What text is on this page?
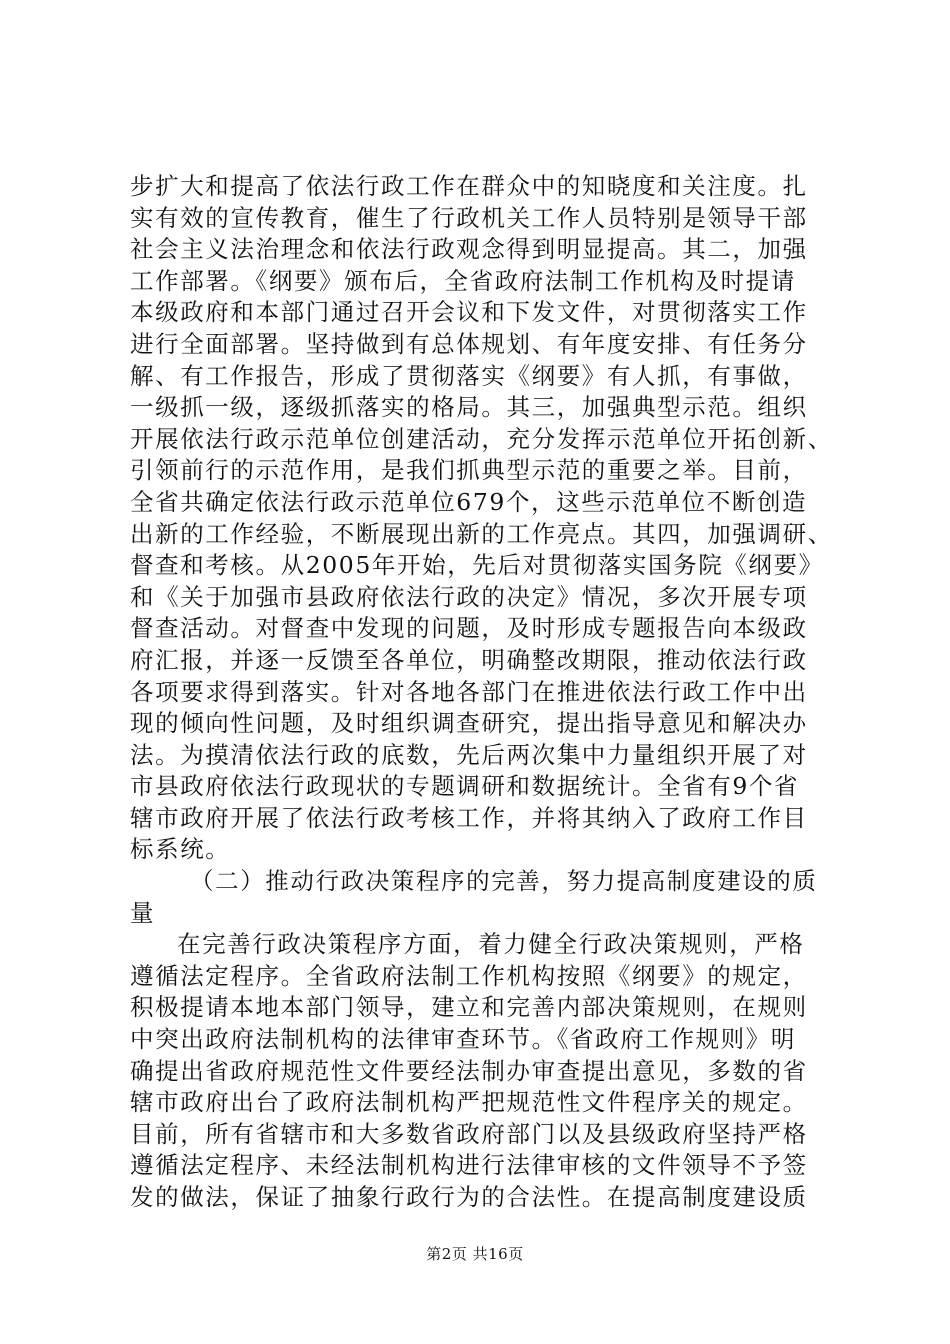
步扩大和提高了依法行政工作在群众中的知晓度和关注度。扎
实有效的宣传教育，催生了行政机关工作人员特别是领导干部
社会主义法治理念和依法行政观念得到明显提高。其二，加强
工作部署。《纲要》颁布后，全省政府法制工作机构及时提请
本级政府和本部门通过召开会议和下发文件，对贯彻落实工作
进行全面部署。坚持做到有总体规划、有年度安排、有任务分
解、有工作报告，形成了贯彻落实《纲要》有人抓，有事做，
一级抓一级，逐级抓落实的格局。其三，加强典型示范。组织
开展依法行政示范单位创建活动，充分发挥示范单位开拓创新、
引领前行的示范作用，是我们抓典型示范的重要之举。目前，
全省共确定依法行政示范单位679个，这些示范单位不断创造
出新的工作经验，不断展现出新的工作亮点。其四，加强调研、
督查和考核。从2005年开始，先后对贯彻落实国务院《纲要》
和《关于加强市县政府依法行政的决定》情况，多次开展专项
督查活动。对督查中发现的问题，及时形成专题报告向本级政
府汇报，并逐一反馈至各单位，明确整改期限，推动依法行政
各项要求得到落实。针对各地各部门在推进依法行政工作中出
现的倾向性问题，及时组织调查研究，提出指导意见和解决办
法。为摸清依法行政的底数，先后两次集中力量组织开展了对
市县政府依法行政现状的专题调研和数据统计。全省有9个省
辖市政府开展了依法行政考核工作，并将其纳入了政府工作目
标系统。
（二）推动行政决策程序的完善，努力提高制度建设的质
量
在完善行政决策程序方面，着力健全行政决策规则，严格
遵循法定程序。全省政府法制工作机构按照《纲要》的规定，
积极提请本地本部门领导，建立和完善内部决策规则，在规则
中突出政府法制机构的法律审查环节。《省政府工作规则》明
确提出省政府规范性文件要经法制办审查提出意见，多数的省
辖市政府出台了政府法制机构严把规范性文件程序关的规定。
目前，所有省辖市和大多数省政府部门以及县级政府坚持严格
遵循法定程序、未经法制机构进行法律审核的文件领导不予签
发的做法，保证了抽象行政行为的合法性。在提高制度建设质
第2页 共16页
